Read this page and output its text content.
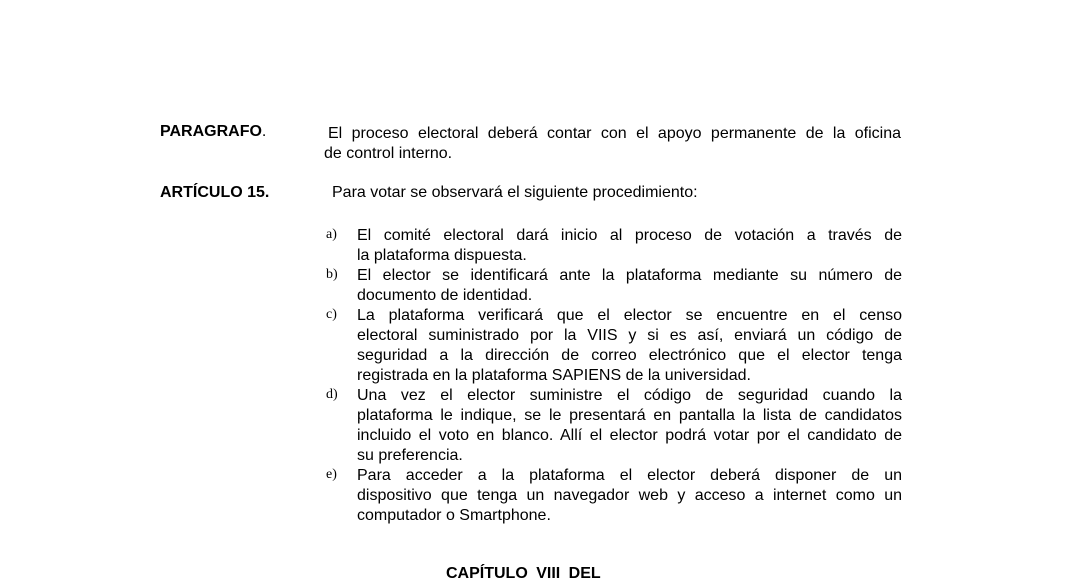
PARAGRAFO.	El proceso electoral deberá contar con el apoyo permanente de la oficina
de control interno.
ARTÍCULO 15.	Para votar se observará el siguiente procedimiento:
a) El comité electoral dará inicio al proceso de votación a través de
la plataforma dispuesta.
b) El elector se identificará ante la plataforma mediante su número de
documento de identidad.
c) La plataforma verificará que el elector se encuentre en el censo
electoral suministrado por la VIIS y si es así, enviará un código de
seguridad a la dirección de correo electrónico que el elector tenga
registrada en la plataforma SAPIENS de la universidad.
d) Una vez el elector suministre el código de seguridad cuando la
plataforma le indique, se le presentará en pantalla la lista de candidatos
incluido el voto en blanco. Allí el elector podrá votar por el candidato de
su preferencia.
e) Para acceder a la plataforma el elector deberá disponer de un
dispositivo que tenga un navegador web y acceso a internet como un
computador o Smartphone.
CAPÍTULO VIII DEL
